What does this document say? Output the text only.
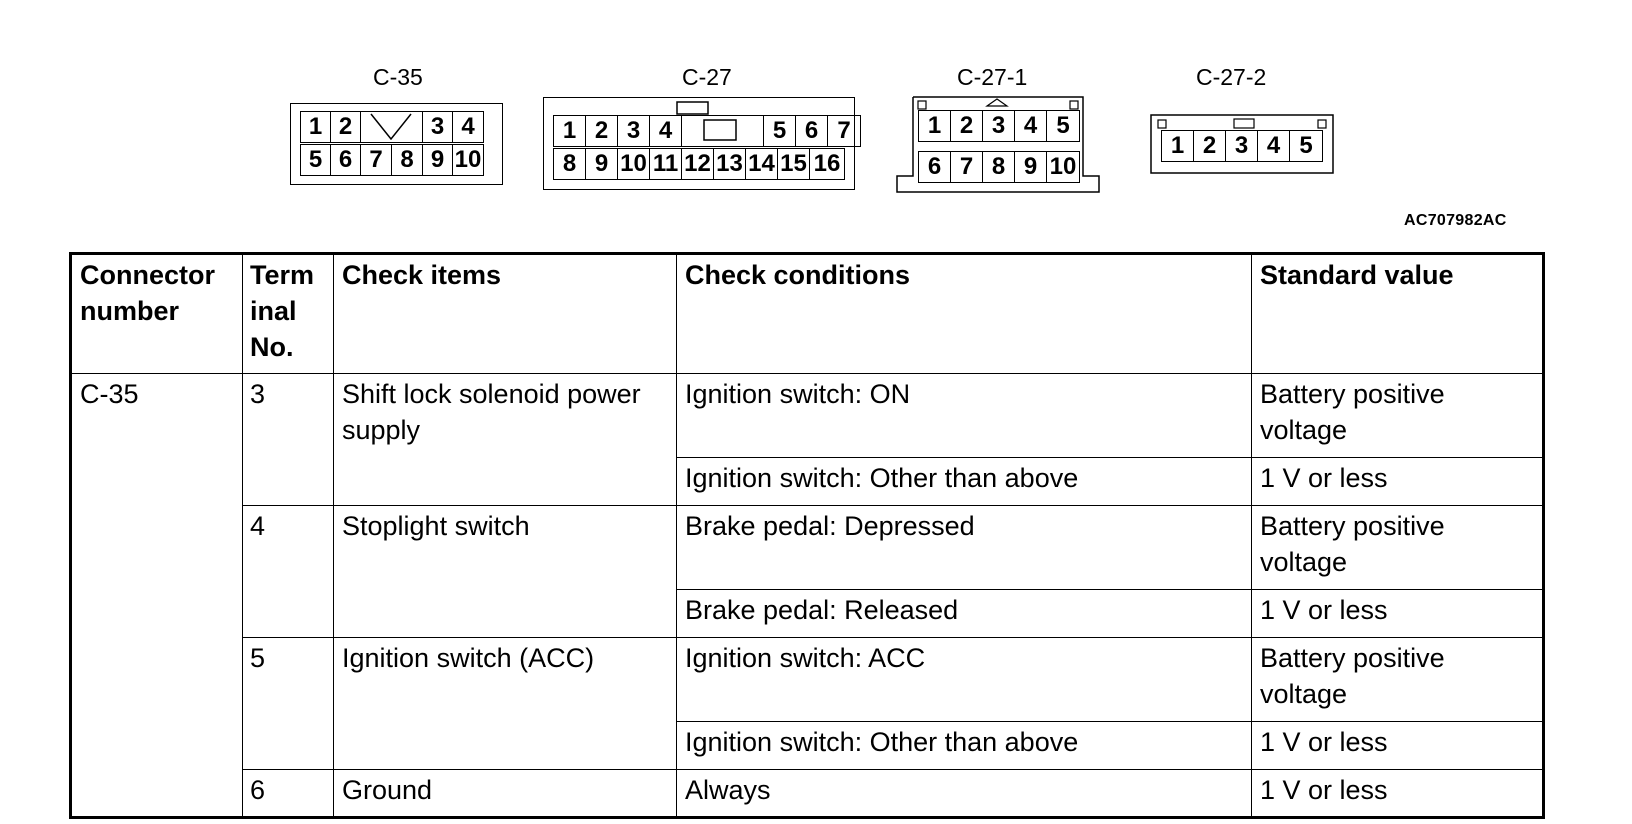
C-35
1 2	3 4
5 6 7 8 9 10
C-27
1 2 3 4	5 6 7
8 9 10 11 12 13 14 15 16
C-27-1
1 2 3 4 5
6 7 8 9 10
C-27-2
1 2 3 4 5
AC707982AC
Connector number	Term inal No.	Check items	Check conditions	Standard value
C-35	3	Shift lock solenoid power supply	Ignition switch: ON	Battery positive voltage
			Ignition switch: Other than above	1 V or less
	4	Stoplight switch	Brake pedal: Depressed	Battery positive voltage
			Brake pedal: Released	1 V or less
	5	Ignition switch (ACC)	Ignition switch: ACC	Battery positive voltage
			Ignition switch: Other than above	1 V or less
	6	Ground	Always	1 V or less
